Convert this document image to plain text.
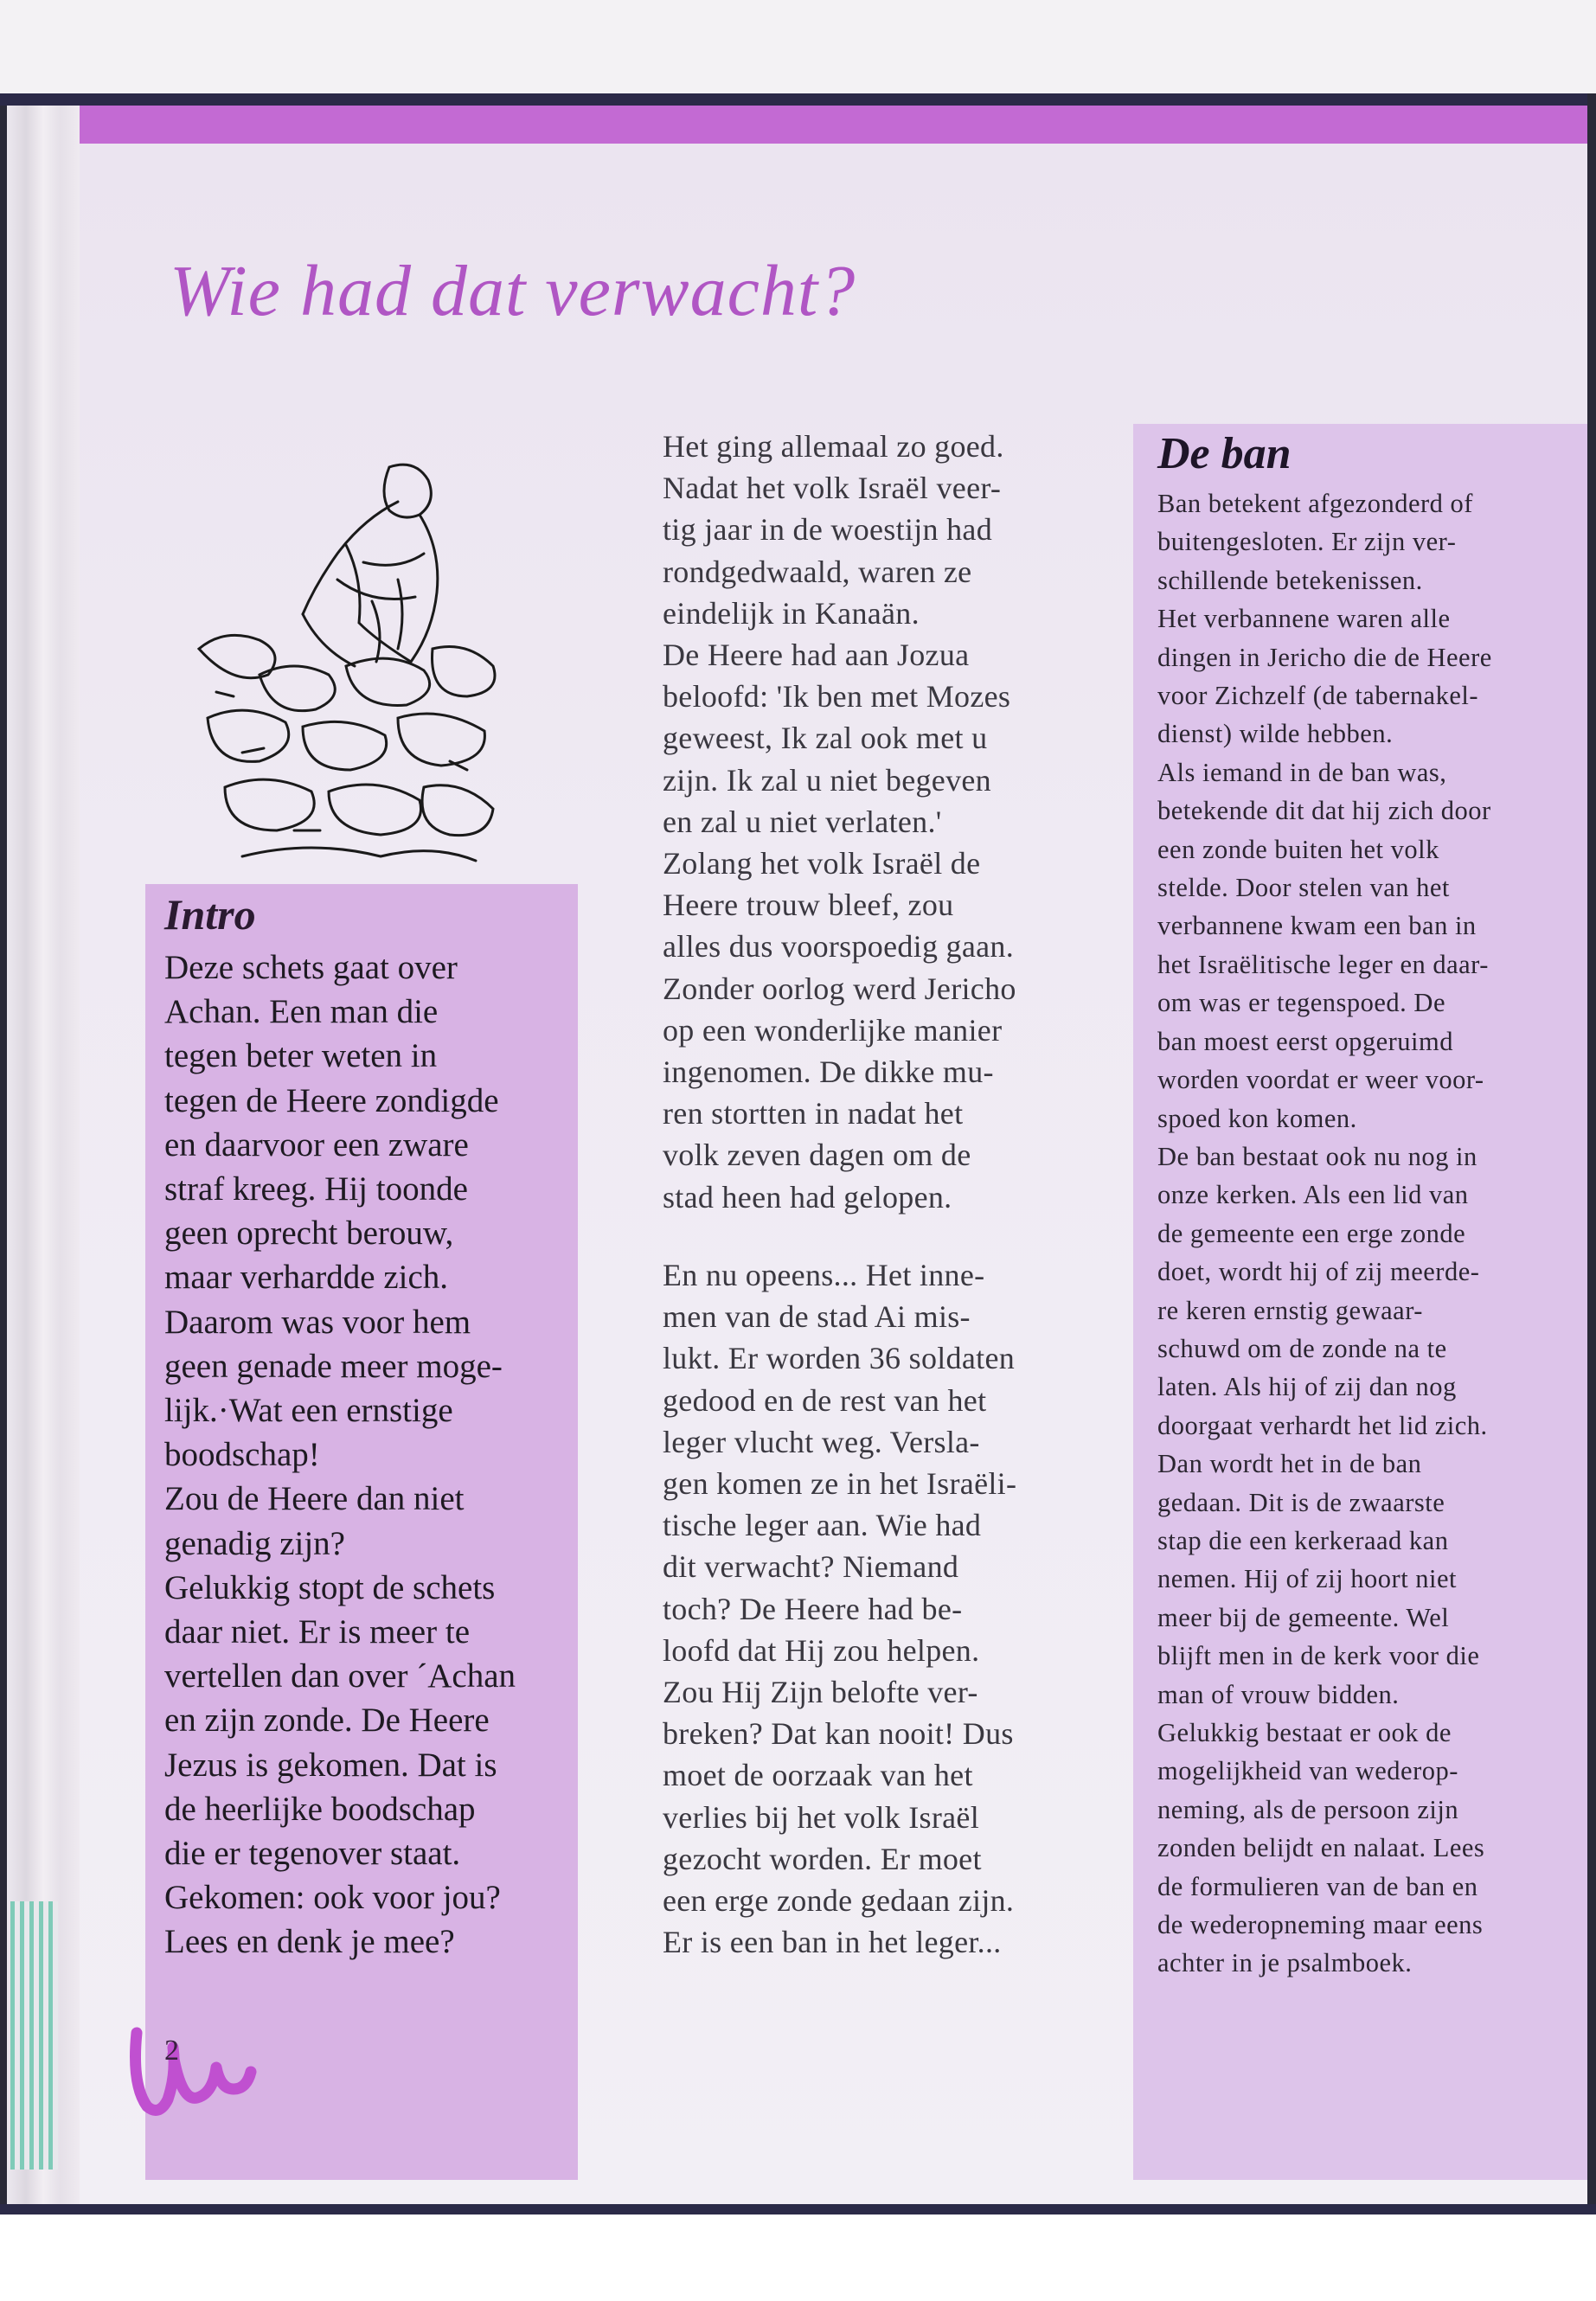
Wie had dat verwacht?
Intro

Deze schets gaat over
Achan. Een man die
tegen beter weten in
tegen de Heere zondigde
en daarvoor een zware
straf kreeg. Hij toonde
geen oprecht berouw,
maar verhardde zich.
Daarom was voor hem
geen genade meer moge-
lijk.·Wat een ernstige
boodschap!
Zou de Heere dan niet
genadig zijn?
Gelukkig stopt de schets
daar niet. Er is meer te
vertellen dan over ´Achan
en zijn zonde. De Heere
Jezus is gekomen. Dat is
de heerlijke boodschap
die er tegenover staat.
Gekomen: ook voor jou?
Lees en denk je mee?

Het ging allemaal zo goed.
Nadat het volk Israël veer-
tig jaar in de woestijn had
rondgedwaald, waren ze
eindelijk in Kanaän.
De Heere had aan Jozua
beloofd: 'Ik ben met Mozes
geweest, Ik zal ook met u
zijn. Ik zal u niet begeven
en zal u niet verlaten.'
Zolang het volk Israël de
Heere trouw bleef, zou
alles dus voorspoedig gaan.
Zonder oorlog werd Jericho
op een wonderlijke manier
ingenomen. De dikke mu-
ren stortten in nadat het
volk zeven dagen om de
stad heen had gelopen.

En nu opeens... Het inne-
men van de stad Ai mis-
lukt. Er worden 36 soldaten
gedood en de rest van het
leger vlucht weg. Versla-
gen komen ze in het Israëli-
tische leger aan. Wie had
dit verwacht? Niemand
toch? De Heere had be-
loofd dat Hij zou helpen.
Zou Hij Zijn belofte ver-
breken? Dat kan nooit! Dus
moet de oorzaak van het
verlies bij het volk Israël
gezocht worden. Er moet
een erge zonde gedaan zijn.
Er is een ban in het leger...

De ban

Ban betekent afgezonderd of
buitengesloten. Er zijn ver-
schillende betekenissen.
Het verbannene waren alle
dingen in Jericho die de Heere
voor Zichzelf (de tabernakel-
dienst) wilde hebben.
Als iemand in de ban was,
betekende dit dat hij zich door
een zonde buiten het volk
stelde. Door stelen van het
verbannene kwam een ban in
het Israëlitische leger en daar-
om was er tegenspoed. De
ban moest eerst opgeruimd
worden voordat er weer voor-
spoed kon komen.
De ban bestaat ook nu nog in
onze kerken. Als een lid van
de gemeente een erge zonde
doet, wordt hij of zij meerde-
re keren ernstig gewaar-
schuwd om de zonde na te
laten. Als hij of zij dan nog
doorgaat verhardt het lid zich.
Dan wordt het in de ban
gedaan. Dit is de zwaarste
stap die een kerkeraad kan
nemen. Hij of zij hoort niet
meer bij de gemeente. Wel
blijft men in de kerk voor die
man of vrouw bidden.
Gelukkig bestaat er ook de
mogelijkheid van wederop-
neming, als de persoon zijn
zonden belijdt en nalaat. Lees
de formulieren van de ban en
de wederopneming maar eens
achter in je psalmboek.

2
